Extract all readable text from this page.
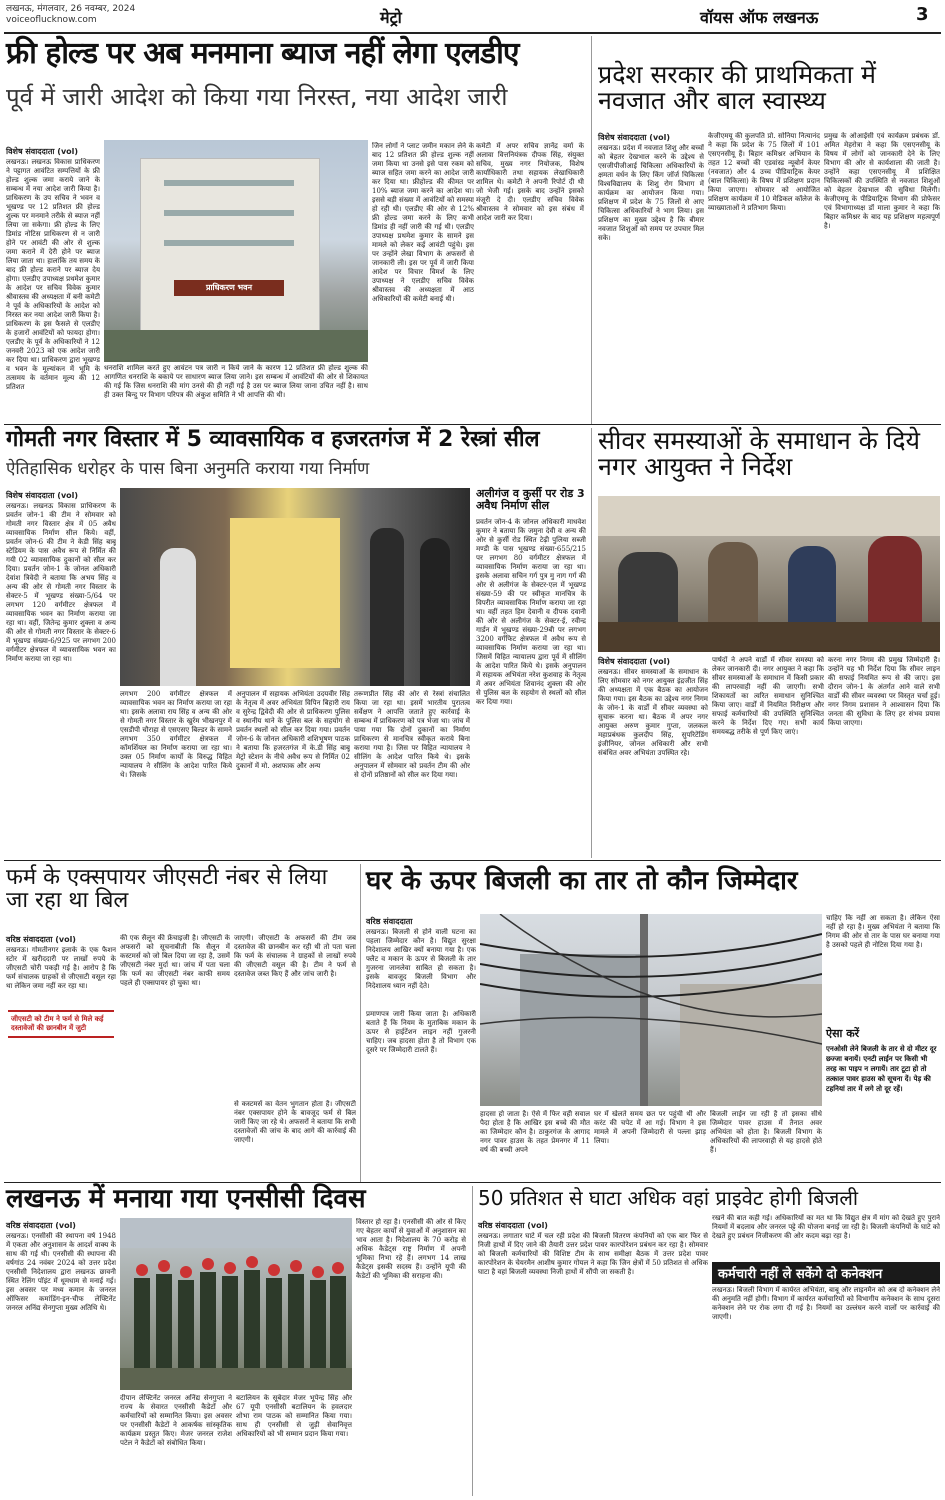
लखनऊ, मंगलवार, 26 नवम्बर, 2024
voiceoflucknow.com	मेट्रो	वॉयस ऑफ लखनऊ	3
फ्री होल्ड पर अब मनमाना ब्याज नहीं लेगा एलडीए
पूर्व में जारी आदेश को किया गया निरस्त, नया आदेश जारी
विशेष संवाददाता (vol)
लखनऊ। लखनऊ विकास प्राधिकरण ने पट्टागत आवंटित सम्पत्तियों के फ्री होल्ड शुल्क जमा कराये जाने के सम्बन्ध में नया आदेश जारी किया है। प्राधिकरण के उप सचिव ने भवन व भूखण्ड पर 12 प्रतिशत फ्री होल्ड शुल्क पर मनमाने तरीके से ब्याज नहीं लिया जा सकेगा। फ्री होल्ड के लिए डिमांड नोटिस प्राधिकरण से न जारी होने पर आवंटी की ओर से शुल्क जमा कराने में देरी होने पर ब्याज लिया जाता था। हालांकि तय समय के बाद फ्री होल्ड कराने पर ब्याज देय होगा। एलडीए उपाध्यक्ष प्रथमेश कुमार के आदेश पर सचिव विवेक कुमार श्रीवास्तव की अध्यक्षता में बनी कमेटी ने पूर्व के अधिकारियों के आदेश को निरस्त कर नया आदेश जारी किया है। प्राधिकरण के इस फैसले से एलडीए के हजारों आवंटियों को फायदा होगा। एलडीए के पूर्व के अधिकारियों ने 12 जनवरी 2023 को एक आदेश जारी कर दिया था। प्राधिकरण द्वारा भूखण्ड व भवन के मूल्यांकन में भूमि के तत्समय के वर्तमान मूल्य की 12 प्रतिशत
प्राधिकरण भवन
धनराशि शामिल करते हुए आवंटन पत्र जारी न किये जाने के कारण 12 प्रतिशत फ्री होल्ड शुल्क की आगणित धनराशि के बकाये पर साधारण ब्याज लिया जाने। इस सम्बन्ध में आवंटियों की ओर से शिकायत की गई कि जिस धनराशि की मांग उनसे की ही नहीं गई है उस पर ब्याज लिया जाना उचित नहीं है। साथ ही उक्त बिन्दु पर विभाग परिपत्र की अंकुश समिति ने भी आपत्ति की थी।
जिन लोगों ने प्लाट जमीन मकान लेने के बाद 12 प्रतिशत फ्री होल्ड शुल्क नहीं जमा किया था उनसे इसे पास रकम को ब्याज सहित जमा करने का आदेश जारी कर दिया था। फ्रीहोल्ड की कीमत पर 10% ब्याज जमा करने का आदेश था। इससे बड़ी संख्या में आवंटियों को समस्या हो रही थी। एलडीए की ओर से 12% फ्री होल्ड जमा करने के लिए कभी डिमांड ही नहीं जारी की गई थी। एलडीए उपाध्यक्ष प्रथमेश कुमार के सामने इस मामले को लेकर कई आवंटी पहुंचे। इस पर उन्होंने लेखा विभाग के अफसरों से जानकारी ली। इस पर पूर्व में जारी किया आदेश पर विचार विमर्श के लिए उपाध्यक्ष ने एलडीए सचिव विवेक श्रीवास्तव की अध्यक्षता में आठ अधिकारियों की कमेटी बनाई थी।
कमेटी में अपर सचिव ज्ञानेंद्र वर्मा के अलावा वित्तनियंत्रक दीपक सिंह, संयुक्त सचिव, मुख्य नगर नियोजक, विशेष कार्याधिकारी तथा सहायक लेखाधिकारी शामिल थे। कमेटी ने अपनी रिपोर्ट दी थी जो भेजी गई। इसके बाद उन्होंने इसको मंजूरी दे दी। एलडीए सचिव विवेक श्रीवास्तव ने सोमवार को इस संबंध में आदेश जारी कर दिया।
प्रदेश सरकार की प्राथमिकता में नवजात और बाल स्वास्थ्य
विशेष संवाददाता (vol)
लखनऊ। प्रदेश में नवजात शिशु और बच्चों को बेहतर देखभाल करने के उद्देश्य से एसजीपीजीआई चिकित्सा अधिकारियों के क्षमता वर्धन के लिए किंग जॉर्ज चिकित्सा विश्वविद्यालय के शिशु रोग विभाग में कार्यक्रम का आयोजन किया गया। प्रशिक्षण में प्रदेश के 75 जिलों से आए चिकित्सा अधिकारियों ने भाग लिया। इस प्रशिक्षण का मुख्य उद्देश्य है कि बीमार नवजात शिशुओं को समय पर उपचार मिल सके।
केजीएमयू की कुलपति प्रो. सोनिया नित्यानंद ने कहा कि प्रदेश के 75 जिलों में 101 एसएनसीयू हैं। बिहार कमिश्नर अभियान के तहत 12 बच्चों की एडवांस्ड न्यूबोर्न केयर (नवजात) और 4 उच्च पीडियाट्रिक केयर (बाल चिकित्सा) के विषय में प्रशिक्षण प्रदान किया जाएगा। सोमवार को आयोजित प्रशिक्षण कार्यक्रम में 10 मेडिकल कॉलेज के व्याख्याताओं ने प्रतिभाग किया।
प्रमुख के ओआईसी एवं कार्यक्रम प्रबंधक डॉ. अमित मेहरोत्रा ने कहा कि एसएनसीयू के विषय में लोगों को जानकारी देने के लिए विभाग की ओर से कार्यशाला की जाती है। उन्होंने कहा एसएनसीयू में प्रशिक्षित चिकित्सकों की उपस्थिति से नवजात शिशुओं को बेहतर देखभाल की सुविधा मिलेगी। केजीएमयू के पीडियाट्रिक विभाग की प्रोफेसर एवं विभागाध्यक्ष डॉ माला कुमार ने कहा कि बिहार कमिश्नर के बाद यह प्रशिक्षण महत्वपूर्ण है।
गोमती नगर विस्तार में 5 व्यावसायिक व हजरतगंज में 2 रेस्त्रां सील
ऐतिहासिक धरोहर के पास बिना अनुमति कराया गया निर्माण
विशेष संवाददाता (vol)
लखनऊ। लखनऊ विकास प्राधिकरण के प्रवर्तन जोन-1 की टीम ने सोमवार को गोमती नगर विस्तार क्षेत्र में 05 अवैध व्यावसायिक निर्माण सील किये। वहीं, प्रवर्तन जोन-6 की टीम ने केडी सिंह बाबू स्टेडियम के पास अवैध रूप से निर्मित की गयी 02 व्यावसायिक दुकानों को सील कर दिया। प्रवर्तन जोन-1 के जोनल अधिकारी देवांश त्रिवेदी ने बताया कि अभय सिंह व अन्य की ओर से गोमती नगर विस्तार के सेक्टर-5 में भूखण्ड संख्या-5/64 पर लगभग 120 वर्गमीटर क्षेत्रफल में व्यावसायिक भवन का निर्माण कराया जा रहा था। वहीं, जितेन्द्र कुमार शुक्ला व अन्य की ओर से गोमती नगर विस्तार के सेक्टर-6 में भूखण्ड संख्या-6/925 पर लगभग 200 वर्गमीटर क्षेत्रफल में व्यावसायिक भवन का निर्माण कराया जा रहा था।
लगभग 200 वर्गमीटर क्षेत्रफल में व्यावसायिक भवन का निर्माण कराया जा रहा था। इसके अलावा राय सिंह व अन्य की ओर से गोमती नगर विस्तार के खुर्रम भीखनपुर में एसडीपी चौराहा से एसएसए बिल्डर के सामने लगभग 350 वर्गमीटर क्षेत्रफल में कॉमर्शियल का निर्माण कराया जा रहा था। उक्त 05 निर्माण कार्यों के विरुद्ध विहित न्यायालय ने सीलिंग के आदेश पारित किये थे। जिसके
अनुपालन में सहायक अभियंता उदयवीर सिंह के नेतृत्व में अवर अभियंता विपिन बिहारी राय व सुरेन्द्र द्विवेदी की ओर से प्राधिकरण पुलिस व स्थानीय थाने के पुलिस बल के सहयोग से प्रवर्तन स्थलों को सील कर दिया गया। प्रवर्तन जोन-6 के जोनल अधिकारी शशिभूषण पाठक ने बताया कि हजरतगंज में के.डी सिंह बाबू मेट्रो स्टेशन के नीचे अवैध रूप से निर्मित 02 दुकानों में मो. अशफाक और अन्य
तरूणप्रीत सिंह की ओर से रेस्त्रां संचालित किया जा रहा था। इसमें भारतीय पुरातत्व सर्वेक्षण ने आपत्ति जताते हुए कार्रवाई के सम्बन्ध में प्राधिकरण को पत्र भेजा था। जांच में पाया गया कि दोनों दुकानों का निर्माण प्राधिकरण से मानचित्र स्वीकृत कराये बिना कराया गया है। जिस पर विहित न्यायालय ने सीलिंग के आदेश पारित किये थे। इसके अनुपालन में सोमवार को प्रवर्तन टीम की ओर से दोनों प्रतिष्ठानों को सील कर दिया गया।
अलीगंज व कुर्सी पर रोड 3 अवैध निर्माण सील
प्रवर्तन जोन-4 के जोनल अधिकारी माधवेश कुमार ने बताया कि जमुना देवी व अन्य की ओर से कुर्सी रोड स्थित टेढ़ी पुलिया सब्जी मण्डी के पास भूखण्ड संख्या-655/215 पर लगभग 80 वर्गमीटर क्षेत्रफल में व्यावसायिक निर्माण कराया जा रहा था। इसके अलावा सचिन गर्ग पुत्र मु नाग गर्ग की ओर से अलीगंज के सेक्टर-एल में भूखण्ड संख्या-59 की पर स्वीकृत मानचित्र के विपरीत व्यावसायिक निर्माण कराया जा रहा था। वहीं तहत हिम देवानी व दीपक दवानी की ओर से अलीगंज के सेक्टर-ई, रवीन्द्र गार्डन में भूखण्ड संख्या-29बी पर लगभग 3200 वर्गफिट क्षेत्रफल में अवैध रूप से व्यावसायिक निर्माण कराया जा रहा था। जिसमें विहित न्यायालय द्वारा पूर्व में सीलिंग के आदेश पारित किये थे। इसके अनुपालन में सहायक अभियंता नरेश कुशवाह के नेतृत्व में अवर अभियंता शिवानंद शुक्ला की ओर से पुलिस बल के सहयोग से स्थलों को सील कर दिया गया।
सीवर समस्याओं के समाधान के दिये नगर आयुक्त ने निर्देश
विशेष संवाददाता (vol)
लखनऊ। सीवर समस्याओं के समाधान के लिए सोमवार को नगर आयुक्त इंद्रजीत सिंह की अध्यक्षता में एक बैठक का आयोजन किया गया। इस बैठक का उद्देश्य नगर निगम के जोन-1 के वार्डों में सीवर व्यवस्था को सुचारू करना था। बैठक में अपर नगर आयुक्त अरुण कुमार गुप्ता, जलकल महाप्रबंधक कुलदीप सिंह, सुपरिटेंडिंग इंजीनियर, जोनल अधिकारी और सभी संबंधित अवर अभियंता उपस्थित रहे।
पार्षदों ने अपने वार्डों में सीवर समस्या को लेकर जानकारी दी। नगर आयुक्त ने कहा कि सीवर समस्याओं के समाधान में किसी प्रकार की लापरवाही नहीं की जाएगी। सभी शिकायतों का त्वरित समाधान सुनिश्चित किया जाए। वार्डों में नियमित निरीक्षण और सफाई कर्मचारियों की उपस्थिति सुनिश्चित करने के निर्देश दिए गए। सभी कार्य समयबद्ध तरीके से पूर्ण किए जाएं।
करना नगर निगम की प्रमुख जिम्मेदारी है। उन्होंने यह भी निर्देश दिया कि सीवर लाइन की सफाई नियमित रूप से की जाए। इस दौरान जोन-1 के अंतर्गत आने वाले सभी वार्डों की सीवर व्यवस्था पर विस्तृत चर्चा हुई। नगर निगम प्रशासन ने आश्वासन दिया कि जनता की सुविधा के लिए हर संभव प्रयास किया जाएगा।
फर्म के एक्सपायर जीएसटी नंबर से लिया जा रहा था बिल
वरिष्ठ संवाददाता (vol)
लखनऊ। गोमतीनगर इलाके के एक फैशन स्टोर में खरीददारी पर लाखों रुपये के जीएसटी चोरी पकड़ी गई है। आरोप है कि फर्म संचालक ग्राहकों से जीएसटी वसूल रहा था लेकिन जमा नहीं कर रहा था।
जीएसटी को टीम ने फर्म से मिले कई दस्तावेजों की छानबीन में जुटी
की एक सैलून की फ्रेंचाइजी है। जीएसटी के अफसरों को सूचनाबीती कि सैलून में कस्टमर्स को जो बिल दिया जा रहा है, उसमें जीएसटी नंबर मुर्दा था। जांच में पता चला कि फर्म का जीएसटी नंबर काफी समय पहले ही एक्सपायर हो चुका था।
जाएगी। जीएसटी के अफसरों की टीम जब दस्तावेज की छानबीन कर रही थी तो पता चला कि फर्म के संचालक ने ग्राहकों से लाखों रुपये की जीएसटी वसूल की है। टीम ने फर्म से दस्तावेज जब्त किए हैं और जांच जारी है।
से कस्टमर्स का वेतन भुगतान होता है। जीएसटी नंबर एक्सपायर होने के बावजूद फर्म से बिल जारी किए जा रहे थे। अफसरों ने बताया कि सभी दस्तावेजों की जांच के बाद आगे की कार्रवाई की जाएगी।
घर के ऊपर बिजली का तार तो कौन जिम्मेदार
वरिष्ठ संवाददाता
लखनऊ। बिजली से होने वाली घटना का पहला जिम्मेदार कौन है। विद्युत सुरक्षा निदेशालय आखिर क्यों बनाया गया है। एक फ्लैट व मकान के ऊपर से बिजली के तार गुजरना जानलेवा साबित हो सकता है। इसके बावजूद बिजली विभाग और निदेशालय ध्यान नहीं देते।
प्रमाणपत्र जारी किया जाता है। अधिकारी बताते हैं कि नियम के मुताबिक मकान के ऊपर से हाईटेंशन लाइन नहीं गुजरनी चाहिए। जब हादसा होता है तो विभाग एक दूसरे पर जिम्मेदारी टालते हैं।
चाहिए कि नहीं आ सकता है। लेकिन ऐसा नहीं हो रहा है। मुख्य अभियंता ने बताया कि निगम की ओर से तार के पास घर बनाया गया है उसको पहले ही नोटिस दिया गया है।
ऐसा करें
एनओसी लेने बिजली के तार से दो मीटर दूर छज्जा बनायें। एनटी लाईन पर किसी भी तरह का पाइप न लगायें। तार टूटा हो तो तत्काल पावर हाउस को सूचना दें। पेड़ की टहनियां तार में लगे तो दूर रहें।
हादसा हो जाता है। ऐसे में फिर वही सवाल पैदा होता है कि आखिर इस बच्चे की मौत का जिम्मेदार कौन है। ठाकुरगंज के आगाद नगर पावर हाउस के तहत प्रेमनगर में 11 वर्ष की बच्ची अपने
घर में खेलते समय छत पर पहुंची थी और करंट की चपेट में आ गई। विभाग ने इस मामले में अपनी जिम्मेदारी से पल्ला झाड़ लिया।
बिजली लाईन जा रही है तो इसका सीधे जिम्मेदार पावर हाउस में तैनात अवर अभियंता को होता है। बिजली विभाग के अधिकारियों की लापरवाही से यह हादसे होते हैं।
लखनऊ में मनाया गया एनसीसी दिवस
वरिष्ठ संवाददाता (vol)
लखनऊ। एनसीसी की स्थापना वर्ष 1948 में एकता और अनुशासन के आदर्श वाक्य के साथ की गई थी। एनसीसी की स्थापना की वर्षगांठ 24 नवंबर 2024 को उत्तर प्रदेश एनसीसी निदेशालय द्वारा लखनऊ छावनी स्थित रेलिंग पॉइंट में धूमधाम से मनाई गई। इस अवसर पर मध्य कमान के जनरल ऑफिसर कमांडिंग-इन-चीफ लेफ्टिनेंट जनरल अनिंद्य सेनगुप्ता मुख्य अतिथि थे।
दीपान लेफ्टिनेंट जनरल अनिंद्य सेनगुप्ता ने राज्य के सेवारत एनसीसी कैडेटों और कर्मचारियों को सम्मानित किया। इस अवसर पर एनसीसी कैडेटों ने आकर्षक सांस्कृतिक कार्यक्रम प्रस्तुत किए। मेजर जनरल राजेश पटेल ने कैडेटों को संबोधित किया।
बटालियन के सूबेदार मेजर भूपेन्द्र सिंह और 67 यूपी एनसीसी बटालियन के हवलदार शोभा राम पाठक को सम्मानित किया गया। साथ ही एनसीसी से जुड़ी सेवानिवृत्त अधिकारियों को भी सम्मान प्रदान किया गया।
विस्तार हो रहा है। एनसीसी की ओर से किए गए बेहतर कार्यों से युवाओं में अनुशासन का भाव आता है। निदेशालय के 70 करोड़ से अधिक कैडेट्स राष्ट्र निर्माण में अपनी भूमिका निभा रहे हैं। लगभग 14 लाख कैडेट्स इसकी सदस्य हैं। उन्होंने यूपी की कैडेटों की भूमिका की सराहना की।
50 प्रतिशत से घाटा अधिक वहां प्राइवेट होगी बिजली
वरिष्ठ संवाददाता (vol)
लखनऊ। लगातार घाटे में चल रही प्रदेश की बिजली वितरण कंपनियों को एक बार फिर से निजी हाथों में दिए जाने की तैयारी उत्तर प्रदेश पावर कारपोरेशन प्रबंधन कर रहा है। सोमवार को बिजली कर्मचारियों की विशिष्ट टीम के साथ समीक्षा बैठक में उत्तर प्रदेश पावर कारपोरेशन के चेयरमैन आशीष कुमार गोयल ने कहा कि जिन क्षेत्रों में 50 प्रतिशत से अधिक घाटा है वहां बिजली व्यवस्था निजी हाथों में सौंपी जा सकती है।
रखने की बात कही गई। अधिकारियों का मत था कि विद्युत क्षेत्र में मांग को देखते हुए पुराने नियमों में बदलाव और जनरल पट्टे की योजना बनाई जा रही है। बिजली कंपनियों के घाटे को देखते हुए प्रबंधन निजीकरण की ओर कदम बढ़ा रहा है।
कर्मचारी नहीं ले सकेंगे दो कनेक्शन
लखनऊ। बिजली विभाग में कार्यरत अभियंता, बाबू और लाइनमैन को अब दो कनेक्शन लेने की अनुमति नहीं होगी। विभाग में कार्यरत कर्मचारियों को विभागीय कनेक्शन के साथ दूसरा कनेक्शन लेने पर रोक लगा दी गई है। नियमों का उल्लंघन करने वालों पर कार्रवाई की जाएगी।
